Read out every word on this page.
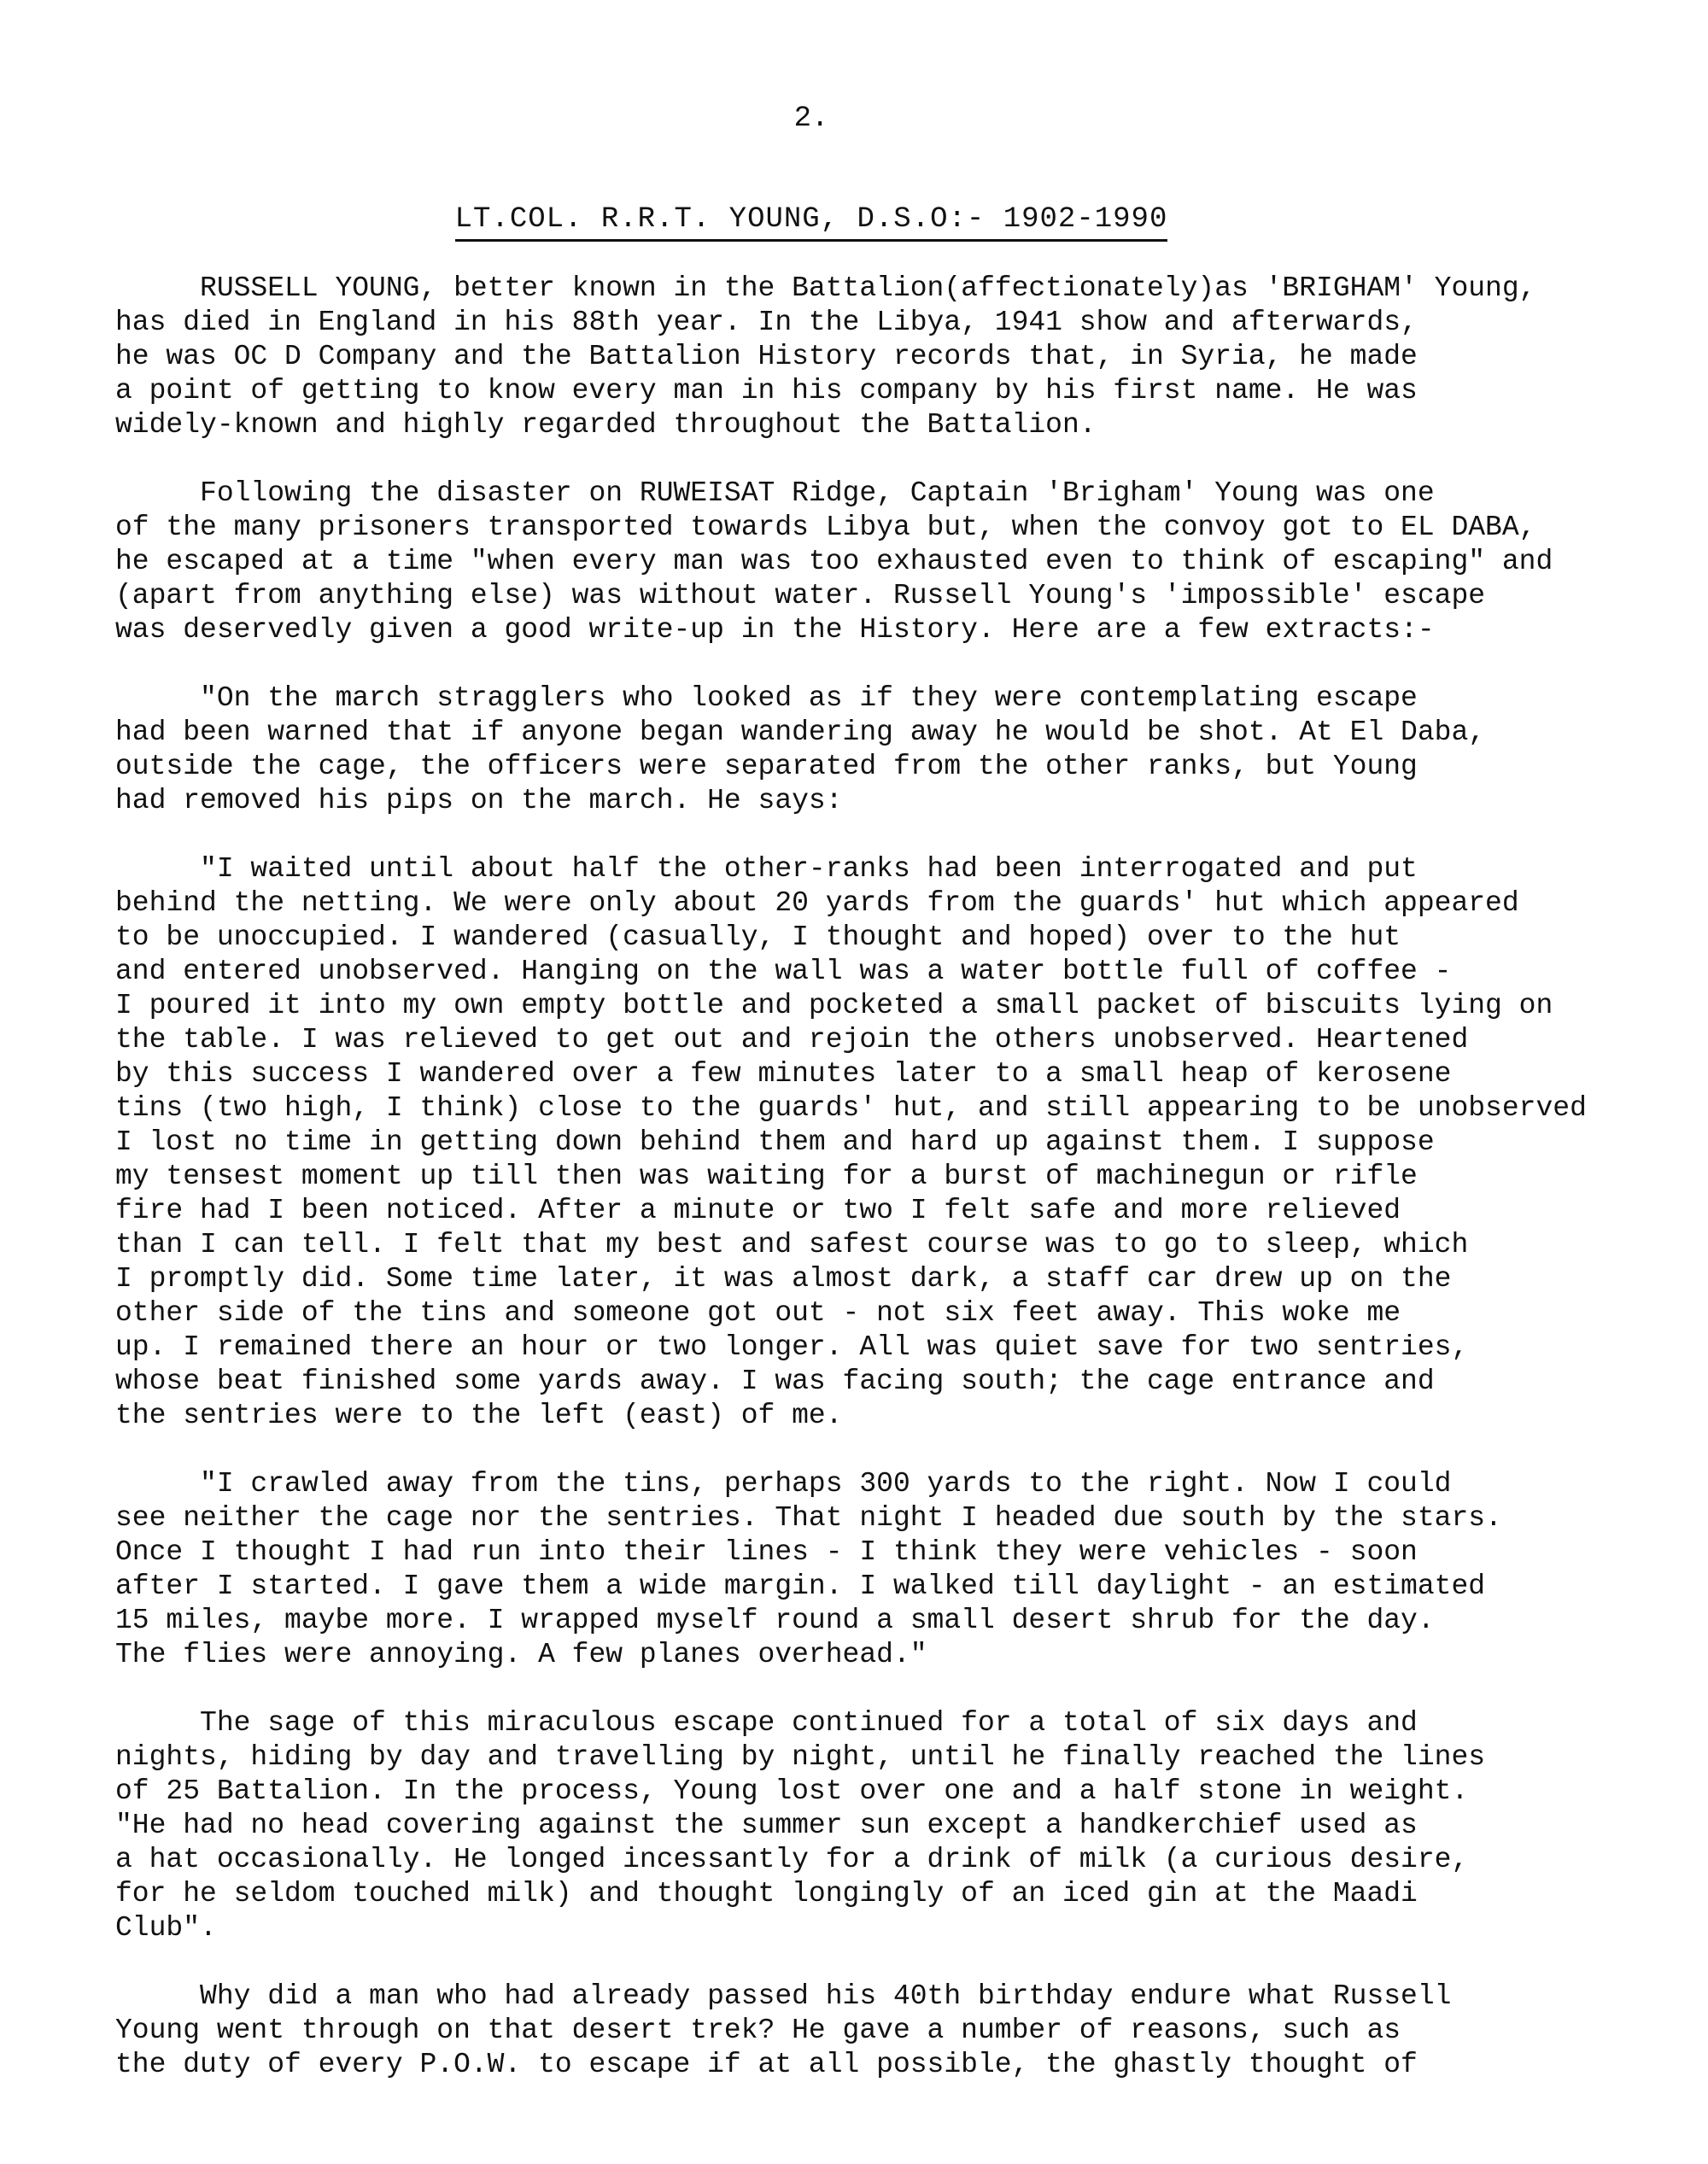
2.
LT.COL. R.R.T. YOUNG, D.S.O:- 1902-1990
RUSSELL YOUNG, better known in the Battalion(affectionately)as 'BRIGHAM' Young,
has died in England in his 88th year. In the Libya, 1941 show and afterwards,
he was OC D Company and the Battalion History records that, in Syria, he made
a point of getting to know every man in his company by his first name. He was
widely-known and highly regarded throughout the Battalion.
Following the disaster on RUWEISAT Ridge, Captain 'Brigham' Young was one
of the many prisoners transported towards Libya but, when the convoy got to EL DABA,
he escaped at a time "when every man was too exhausted even to think of escaping" and
(apart from anything else) was without water. Russell Young's 'impossible' escape
was deservedly given a good write-up in the History. Here are a few extracts:-
"On the march stragglers who looked as if they were contemplating escape
had been warned that if anyone began wandering away he would be shot. At El Daba,
outside the cage, the officers were separated from the other ranks, but Young
had removed his pips on the march. He says:
"I waited until about half the other-ranks had been interrogated and put
behind the netting. We were only about 20 yards from the guards' hut which appeared
to be unoccupied. I wandered (casually, I thought and hoped) over to the hut
and entered unobserved. Hanging on the wall was a water bottle full of coffee -
I poured it into my own empty bottle and pocketed a small packet of biscuits lying on
the table. I was relieved to get out and rejoin the others unobserved. Heartened
by this success I wandered over a few minutes later to a small heap of kerosene
tins (two high, I think) close to the guards' hut, and still appearing to be unobserved
I lost no time in getting down behind them and hard up against them. I suppose
my tensest moment up till then was waiting for a burst of machinegun or rifle
fire had I been noticed. After a minute or two I felt safe and more relieved
than I can tell. I felt that my best and safest course was to go to sleep, which
I promptly did. Some time later, it was almost dark, a staff car drew up on the
other side of the tins and someone got out - not six feet away. This woke me
up. I remained there an hour or two longer. All was quiet save for two sentries,
whose beat finished some yards away. I was facing south; the cage entrance and
the sentries were to the left (east) of me.
"I crawled away from the tins, perhaps 300 yards to the right. Now I could
see neither the cage nor the sentries. That night I headed due south by the stars.
Once I thought I had run into their lines - I think they were vehicles - soon
after I started. I gave them a wide margin. I walked till daylight - an estimated
15 miles, maybe more. I wrapped myself round a small desert shrub for the day.
The flies were annoying. A few planes overhead."
The sage of this miraculous escape continued for a total of six days and
nights, hiding by day and travelling by night, until he finally reached the lines
of 25 Battalion. In the process, Young lost over one and a half stone in weight.
"He had no head covering against the summer sun except a handkerchief used as
a hat occasionally. He longed incessantly for a drink of milk (a curious desire,
for he seldom touched milk) and thought longingly of an iced gin at the Maadi
Club".
Why did a man who had already passed his 40th birthday endure what Russell
Young went through on that desert trek? He gave a number of reasons, such as
the duty of every P.O.W. to escape if at all possible, the ghastly thought of
